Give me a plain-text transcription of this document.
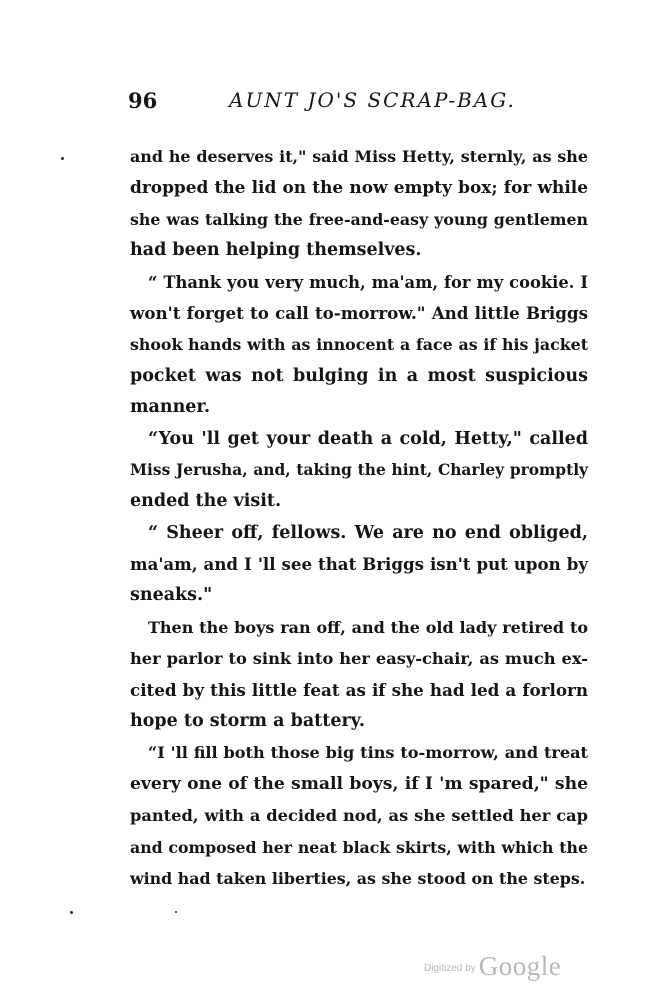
96	AUNT JO'S SCRAP-BAG.
and he deserves it," said Miss Hetty, sternly, as she
dropped the lid on the now empty box; for while
she was talking the free-and-easy young gentlemen
had been helping themselves.
“ Thank you very much, ma'am, for my cookie. I
won't forget to call to-morrow." And little Briggs
shook hands with as innocent a face as if his jacket
pocket was not bulging in a most suspicious
manner.
“You 'll get your death a cold, Hetty," called
Miss Jerusha, and, taking the hint, Charley promptly
ended the visit.
“ Sheer off, fellows. We are no end obliged,
ma'am, and I 'll see that Briggs isn't put upon by
sneaks."
Then the boys ran off, and the old lady retired to
her parlor to sink into her easy-chair, as much ex-
cited by this little feat as if she had led a forlorn
hope to storm a battery.
“I 'll fill both those big tins to-morrow, and treat
every one of the small boys, if I 'm spared," she
panted, with a decided nod, as she settled her cap
and composed her neat black skirts, with which the
wind had taken liberties, as she stood on the steps.
$^{Digitized by}$ Google
